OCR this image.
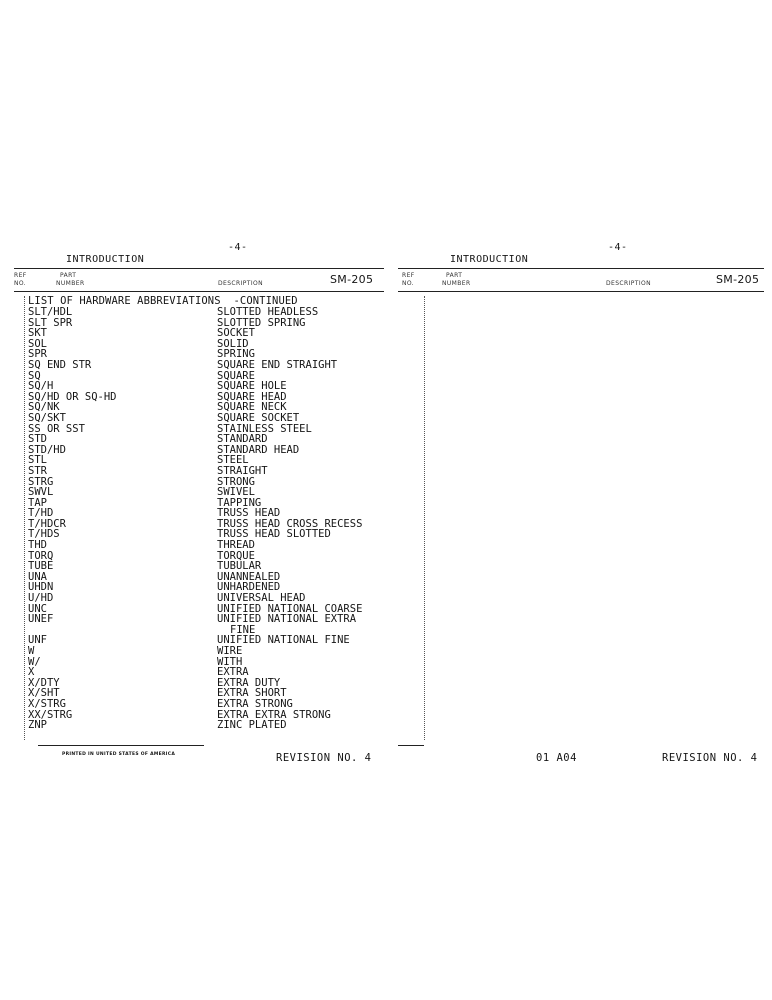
-4-
INTRODUCTION
REF
NO.
PART
NUMBER	DESCRIPTION	SM-205
LIST OF HARDWARE ABBREVIATIONS  -CONTINUED
SLT/HDL	SLOTTED HEADLESS
SLT SPR	SLOTTED SPRING
SKT	SOCKET
SOL	SOLID
SPR	SPRING
SQ END STR	SQUARE END STRAIGHT
SQ	SQUARE
SQ/H	SQUARE HOLE
SQ/HD OR SQ-HD	SQUARE HEAD
SQ/NK	SQUARE NECK
SQ/SKT	SQUARE SOCKET
SS OR SST	STAINLESS STEEL
STD	STANDARD
STD/HD	STANDARD HEAD
STL	STEEL
STR	STRAIGHT
STRG	STRONG
SWVL	SWIVEL
TAP	TAPPING
T/HD	TRUSS HEAD
T/HDCR	TRUSS HEAD CROSS RECESS
T/HDS	TRUSS HEAD SLOTTED
THD	THREAD
TORQ	TORQUE
TUBE	TUBULAR
UNA	UNANNEALED
UHDN	UNHARDENED
U/HD	UNIVERSAL HEAD
UNC	UNIFIED NATIONAL COARSE
UNEF	UNIFIED NATIONAL EXTRA
FINE
UNF	UNIFIED NATIONAL FINE
W	WIRE
W/	WITH
X	EXTRA
X/DTY	EXTRA DUTY
X/SHT	EXTRA SHORT
X/STRG	EXTRA STRONG
XX/STRG	EXTRA EXTRA STRONG
ZNP	ZINC PLATED
PRINTED IN UNITED STATES OF AMERICA	REVISION NO. 4
-4-
INTRODUCTION
REF
NO.
PART
NUMBER	DESCRIPTION	SM-205
01 A04	REVISION NO. 4
